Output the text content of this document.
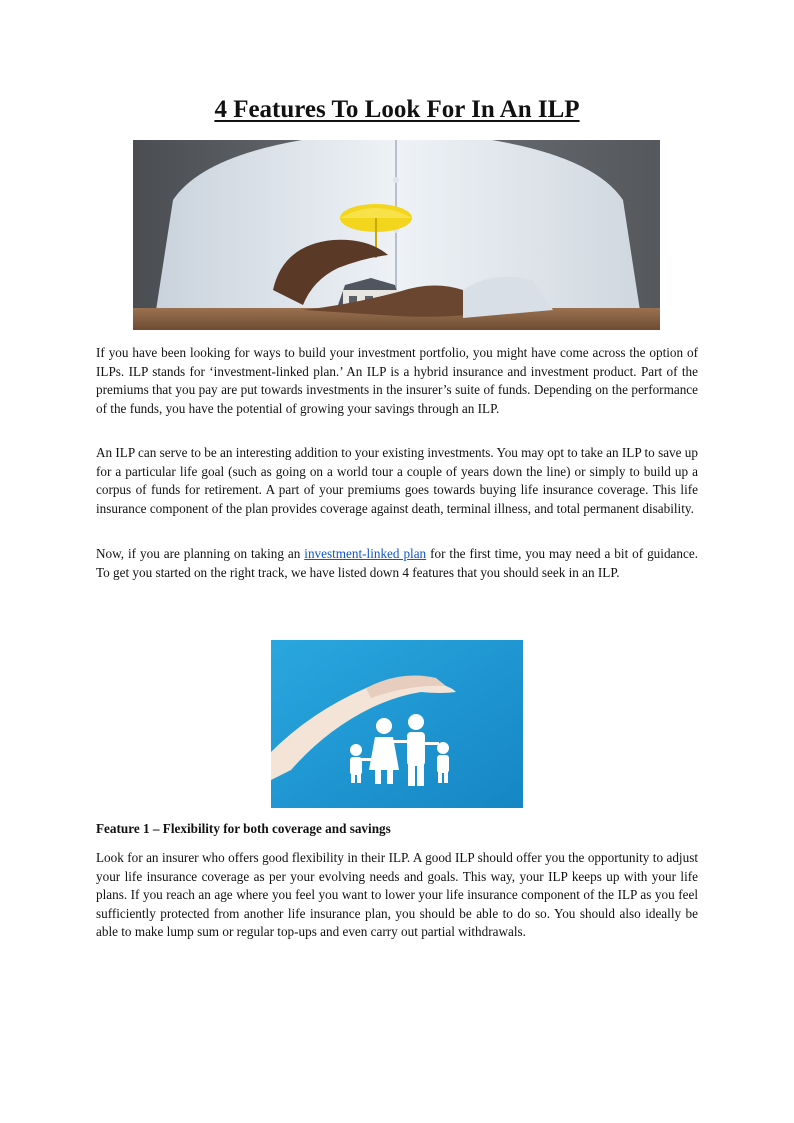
4 Features To Look For In An ILP

If you have been looking for ways to build your investment portfolio, you might have come across the option of ILPs. ILP stands for ‘investment-linked plan.’ An ILP is a hybrid insurance and investment product. Part of the premiums that you pay are put towards investments in the insurer’s suite of funds. Depending on the performance of the funds, you have the potential of growing your savings through an ILP.

An ILP can serve to be an interesting addition to your existing investments. You may opt to take an ILP to save up for a particular life goal (such as going on a world tour a couple of years down the line) or simply to build up a corpus of funds for retirement. A part of your premiums goes towards buying life insurance coverage. This life insurance component of the plan provides coverage against death, terminal illness, and total permanent disability.

Now, if you are planning on taking an investment-linked plan for the first time, you may need a bit of guidance. To get you started on the right track, we have listed down 4 features that you should seek in an ILP.

Feature 1 – Flexibility for both coverage and savings

Look for an insurer who offers good flexibility in their ILP. A good ILP should offer you the opportunity to adjust your life insurance coverage as per your evolving needs and goals. This way, your ILP keeps up with your life plans. If you reach an age where you feel you want to lower your life insurance component of the ILP as you feel sufficiently protected from another life insurance plan, you should be able to do so. You should also ideally be able to make lump sum or regular top-ups and even carry out partial withdrawals.
